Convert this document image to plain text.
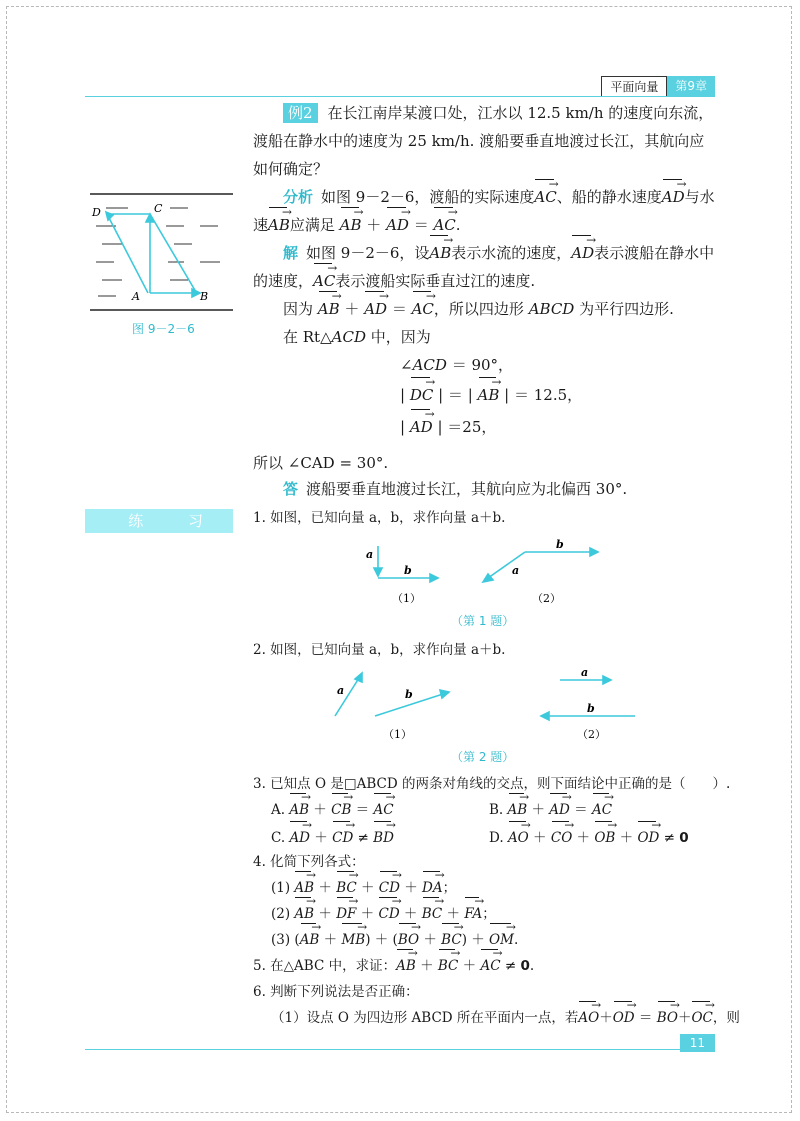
平面向量	第9章
D	C
A	B
图 9－2－6
例2 在长江南岸某渡口处，江水以 12.5 km/h 的速度向东流，
渡船在静水中的速度为 25 km/h. 渡船要垂直地渡过长江，其航向应
如何确定？
分析 如图 9－2－6，渡船的实际速度→ AC、船的静水速度→ AD与水
速→ AB应满足 → AB ＋ → AD ＝ → AC.
解 如图 9－2－6，设→ AB表示水流的速度，→ AD表示渡船在静水中
的速度，→ AC表示渡船实际垂直过江的速度.
因为 → AB ＋ → AD ＝ → AC，所以四边形 ABCD 为平行四边形.
在 Rt△ACD 中，因为
∠ACD ＝ 90°，
| → DC | ＝ | → AB | ＝ 12.5，
| → AD | ＝25，
所以 ∠CAD = 30°.
答 渡船要垂直地渡过长江，其航向应为北偏西 30°.
练 习	1. 如图，已知向量 a，b，求作向量 a＋b.
a
b
b
a
（1）	（2）
（第 1 题）
2. 如图，已知向量 a，b，求作向量 a＋b.
a	b
a
b
（1）	（2）
（第 2 题）
3. 已知点 O 是□ABCD 的两条对角线的交点，则下面结论中正确的是（　　）.
A. → AB ＋ → CB ＝ → AC	B. → AB ＋ → AD ＝ → AC
C. → AD ＋ → CD ≠ → BD	D. → AO ＋ → CO ＋ → OB ＋ → OD ≠ 0
4. 化简下列各式：
(1) → AB ＋ → BC ＋ → CD ＋ → DA；
(2) → AB ＋ → DF ＋ → CD ＋ → BC ＋ → FA；
(3) (→ AB ＋ → MB) ＋ (→ BO ＋ → BC) ＋ → OM.
5. 在△ABC 中，求证：→ AB ＋ → BC ＋ → AC ≠ 0.
6. 判断下列说法是否正确：
（1）设点 O 为四边形 ABCD 所在平面内一点，若→ AO＋→ OD ＝ → BO＋→ OC，则
11
